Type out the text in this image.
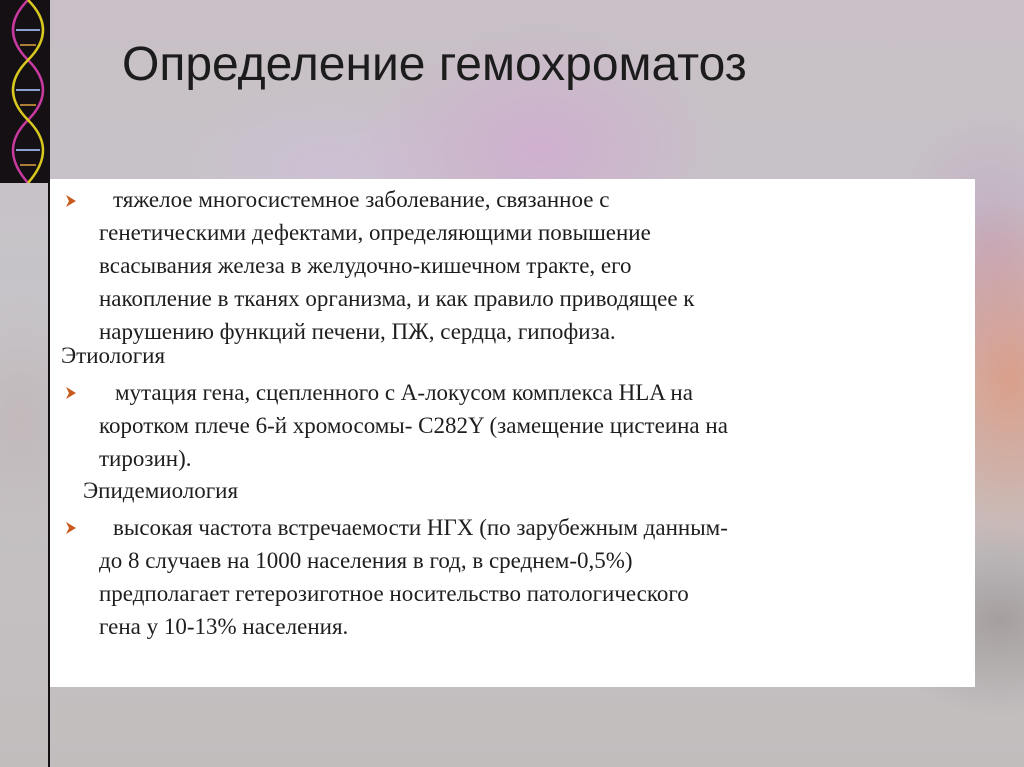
Определение гемохроматоз
тяжелое многосистемное заболевание, связанное с
генетическими дефектами, определяющими повышение
всасывания железа в желудочно-кишечном тракте, его
накопление в тканях организма, и как правило приводящее к
нарушению функций печени, ПЖ, сердца, гипофиза.
Этиология
мутация гена, сцепленного с А-локусом комплекса HLA на
коротком плече 6-й хромосомы- C282Y (замещение цистеина на
тирозин).
Эпидемиология
высокая частота встречаемости НГХ (по зарубежным данным-
до 8 случаев на 1000 населения в год, в среднем-0,5%)
предполагает гетерозиготное носительство патологического
гена у 10-13% населения.
